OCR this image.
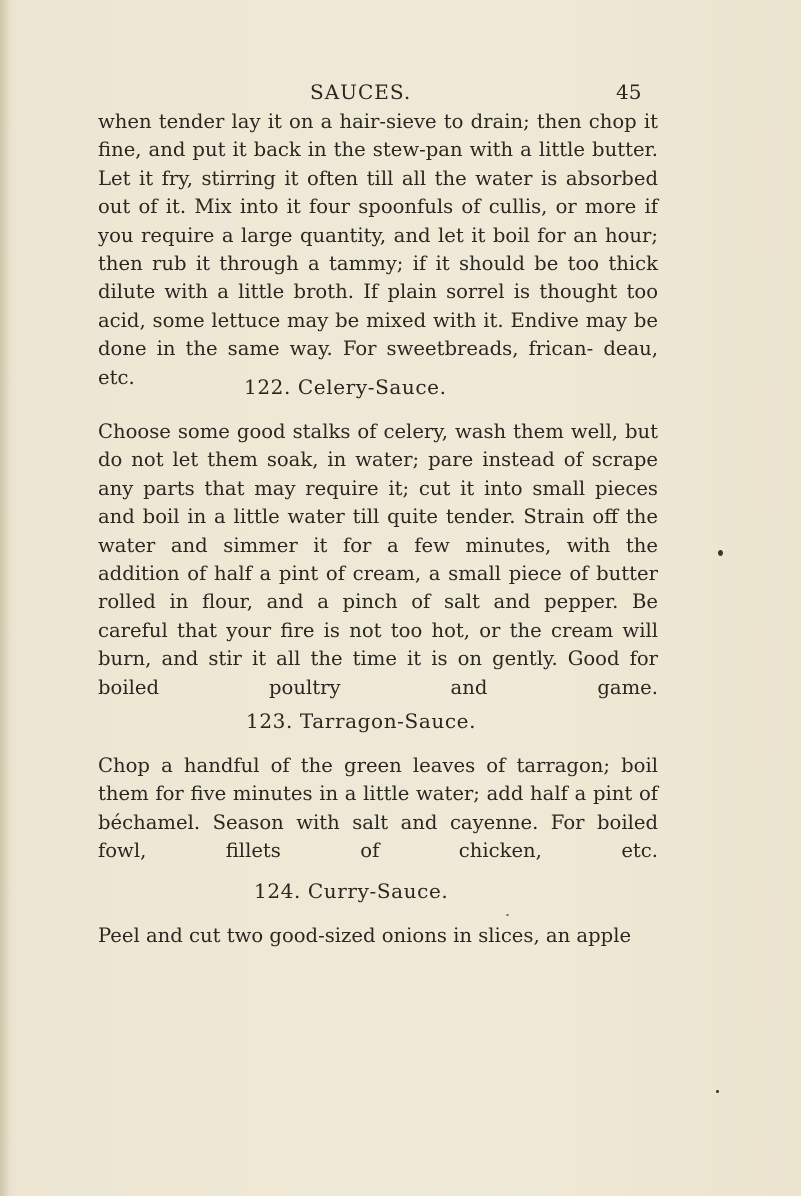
SAUCES.	45

when tender lay it on a hair-sieve to drain; then chop it fine, and put it back in the stew-pan with a little butter. Let it fry, stirring it often till all the water is absorbed out of it. Mix into it four spoonfuls of cullis, or more if you require a large quantity, and let it boil for an hour; then rub it through a tammy; if it should be too thick dilute with a little broth. If plain sorrel is thought too acid, some lettuce may be mixed with it. Endive may be done in the same way. For sweetbreads, frican- deau, etc.	122. Celery-Sauce.

Choose some good stalks of celery, wash them well, but do not let them soak, in water; pare instead of scrape any parts that may require it; cut it into small pieces and boil in a little water till quite tender. Strain off the water and simmer it for a few minutes, with the addition of half a pint of cream, a small piece of butter rolled in flour, and a pinch of salt and pepper. Be careful that your fire is not too hot, or the cream will burn, and stir it all the time it is on gently. Good for boiled poultry and game.

123. Tarragon-Sauce.

Chop a handful of the green leaves of tarragon; boil them for five minutes in a little water; add half a pint of béchamel. Season with salt and cayenne. For boiled fowl, fillets of chicken, etc.

124. Curry-Sauce.

Peel and cut two good-sized onions in slices, an apple
